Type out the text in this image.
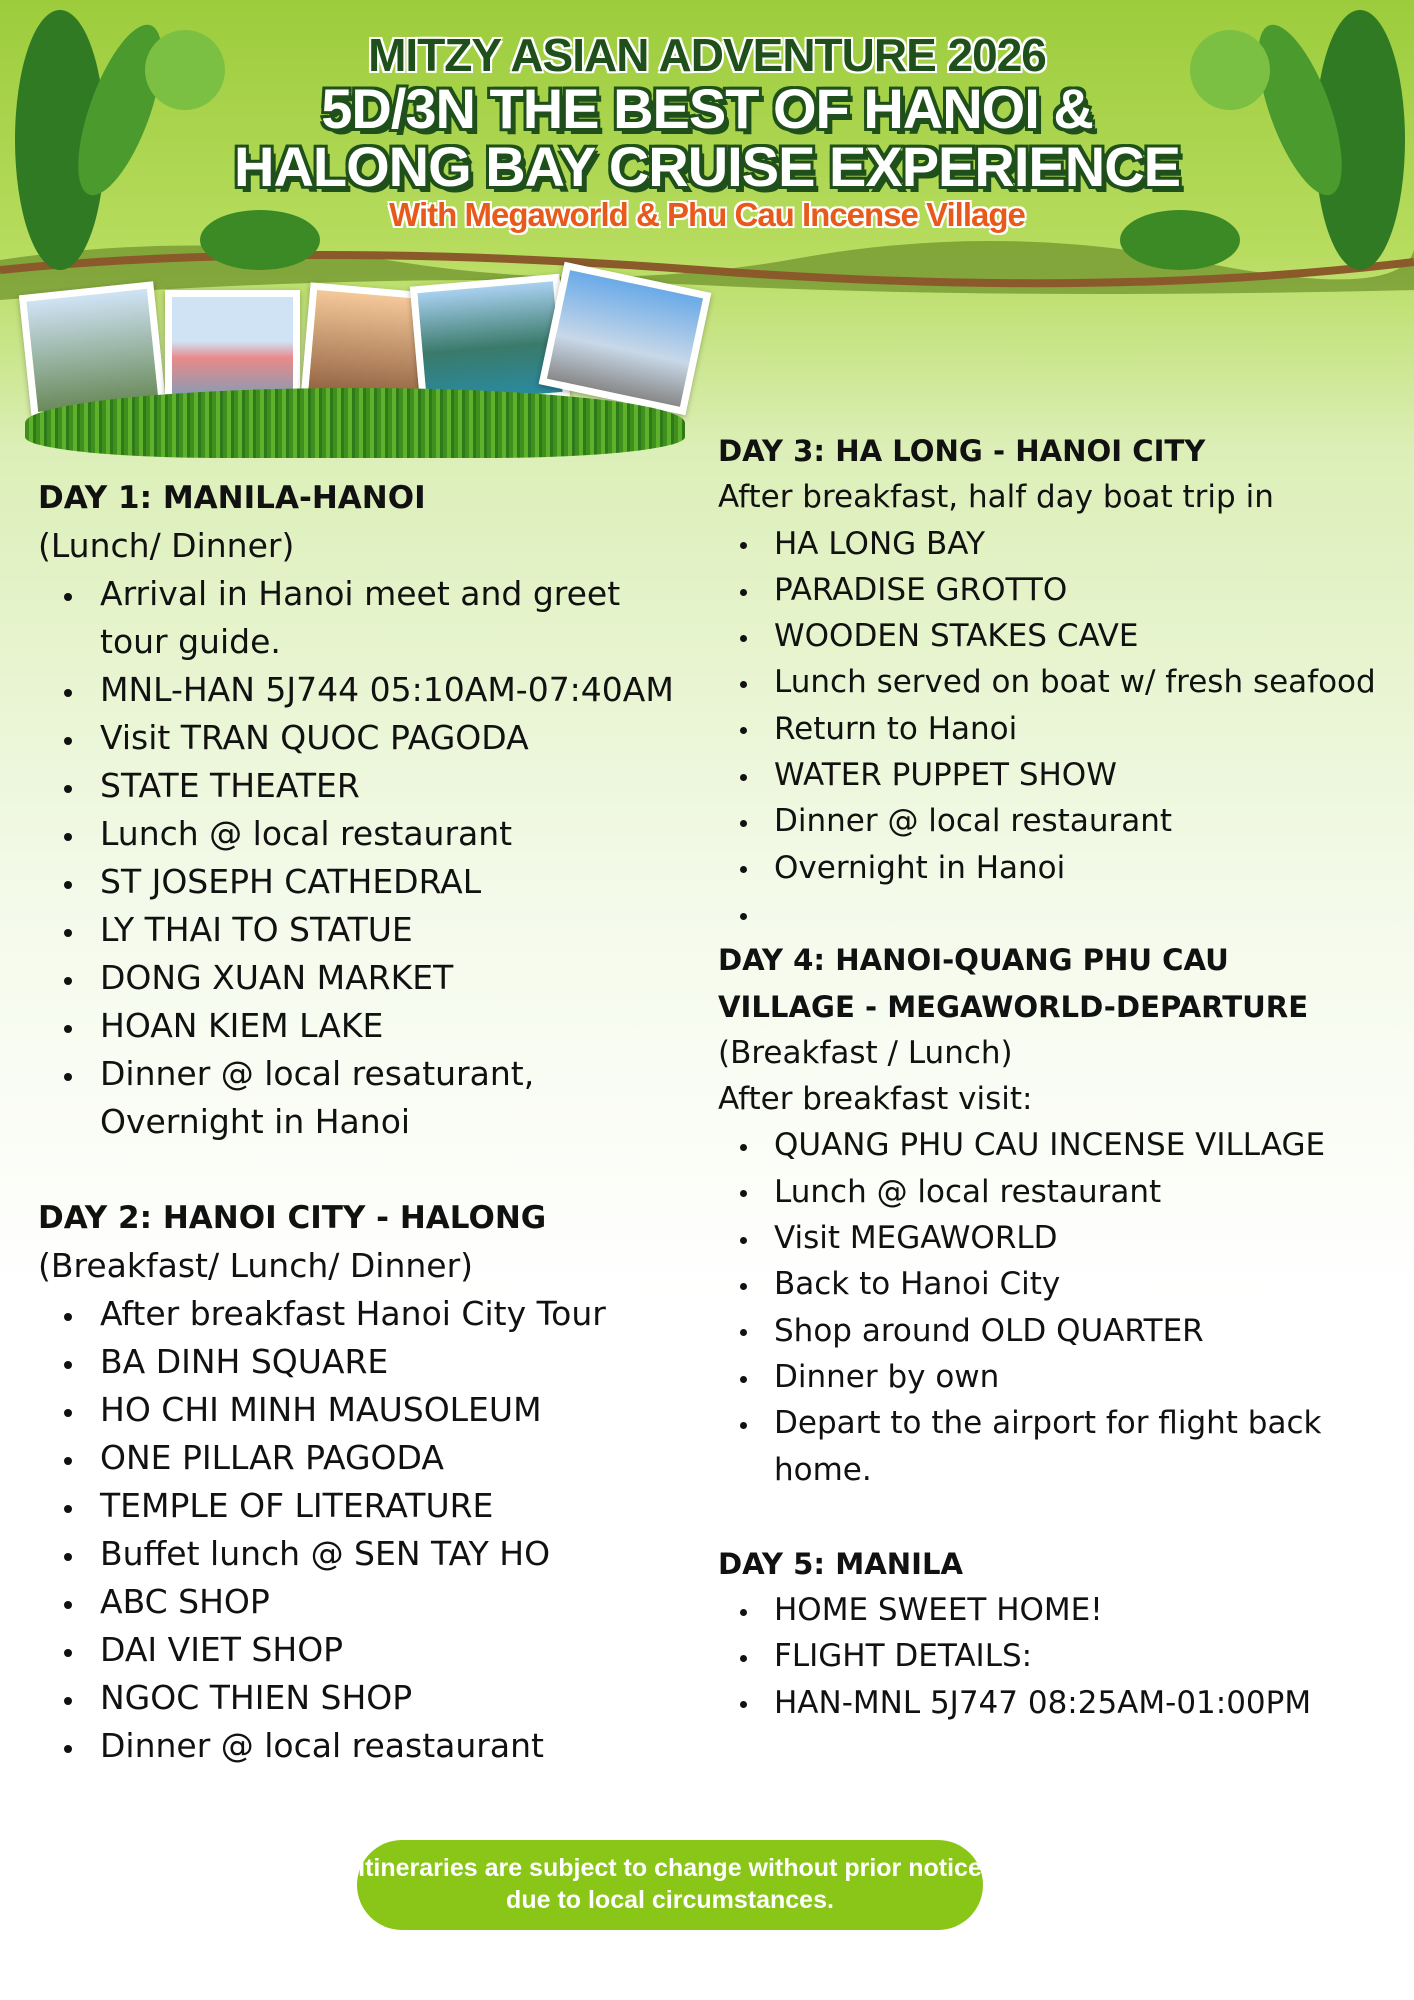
MITZY ASIAN ADVENTURE 2026
5D/3N THE BEST OF HANOI &
HALONG BAY CRUISE EXPERIENCE
With Megaworld & Phu Cau Incense Village
DAY 1: MANILA-HANOI
(Lunch/ Dinner)
Arrival in Hanoi meet and greet tour guide.
MNL-HAN 5J744 05:10AM-07:40AM
Visit TRAN QUOC PAGODA
STATE THEATER
Lunch @ local restaurant
ST JOSEPH CATHEDRAL
LY THAI TO STATUE
DONG XUAN MARKET
HOAN KIEM LAKE
Dinner @ local resaturant, Overnight in Hanoi
DAY 2: HANOI CITY - HALONG
(Breakfast/ Lunch/ Dinner)
After breakfast Hanoi City Tour
BA DINH SQUARE
HO CHI MINH MAUSOLEUM
ONE PILLAR PAGODA
TEMPLE OF LITERATURE
Buffet lunch @ SEN TAY HO
ABC SHOP
DAI VIET SHOP
NGOC THIEN SHOP
Dinner @ local reastaurant
DAY 3: HA LONG - HANOI CITY
After breakfast, half day boat trip in
HA LONG BAY
PARADISE GROTTO
WOODEN STAKES CAVE
Lunch served on boat w/ fresh seafood
Return to Hanoi
WATER PUPPET SHOW
Dinner @ local restaurant
Overnight in Hanoi

DAY 4: HANOI-QUANG PHU CAU VILLAGE - MEGAWORLD-DEPARTURE
(Breakfast / Lunch)
After breakfast visit:
QUANG PHU CAU INCENSE VILLAGE
Lunch @ local restaurant
Visit MEGAWORLD
Back to Hanoi City
Shop around OLD QUARTER
Dinner by own
Depart to the airport for flight back home.
DAY 5: MANILA
HOME SWEET HOME!
FLIGHT DETAILS:
HAN-MNL 5J747 08:25AM-01:00PM
Itineraries are subject to change without prior notice due to local circumstances.
